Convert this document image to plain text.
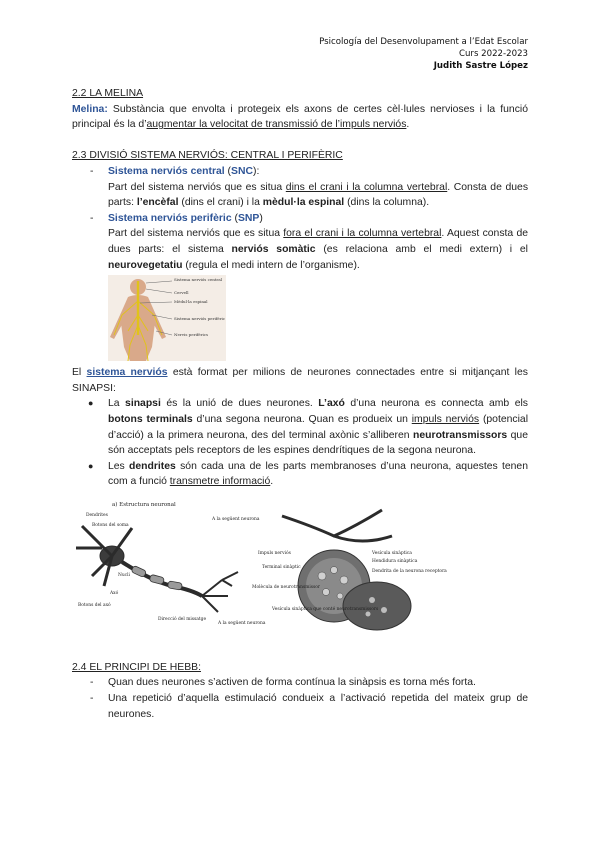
Psicología del Desenvolupament a l’Edat Escolar
Curs 2022-2023
Judith Sastre López
2.2 LA MELINA

Melina: Substància que envolta i protegeix els axons de certes cèl·lules nervioses i la funció principal és la d’augmentar la velocitat de transmissió de l’impuls nerviós.

2.3 DIVISIÓ SISTEMA NERVIÓS: CENTRAL I PERIFÈRIC
- Sistema nerviós central (SNC):

Part del sistema nerviós que es situa dins el crani i la columna vertebral. Consta de dues parts: l’encèfal (dins el crani) i la mèdul·la espinal (dins la columna).

- Sistema nerviós perifèric (SNP)

Part del sistema nerviós que es situa fora el crani i la columna vertebral. Aquest consta de dues parts: el sistema nerviós somàtic (es relaciona amb el medi extern) i el neurovegetatiu (regula el medi intern de l’organisme).

Sistema nerviós central
Cervell
Mèdul·la espinal
Sistema nerviós perifèric
Nervis perifèrics

El sistema nerviós està format per milions de neurones connectades entre si mitjançant les SINAPSI:

● La sinapsi és la unió de dues neurones. L’axó d’una neurona es connecta amb els botons terminals d’una segona neurona. Quan es produeix un impuls nerviós (potencial d’acció) a la primera neurona, des del terminal axònic s’alliberen neurotransmissors que són acceptats pels receptors de les espines dendrítiques de la segona neurona.
● Les dendrites són cada una de les parts membranoses d’una neurona, aquestes tenen com a funció transmetre informació.
a) Estructura neuronal
Dendrites
Botons del soma
Nucli
Axó
Botons del axó
A la següent neurona
Direcció del missatge
A la següent neurona
Impuls nerviós	Vesícula sinàptica
Hendidura sinàptica
Terminal sinàptic
Dendrita de la neurona receptora
Molècula de neurotransmissor
Vesícula sinàptica que conté neurotransmissors
2.4 EL PRINCIPI DE HEBB:
- Quan dues neurones s’activen de forma contínua la sinàpsis es torna més forta.
- Una repetició d’aquella estimulació condueix a l’activació repetida del mateix grup de neurones.
